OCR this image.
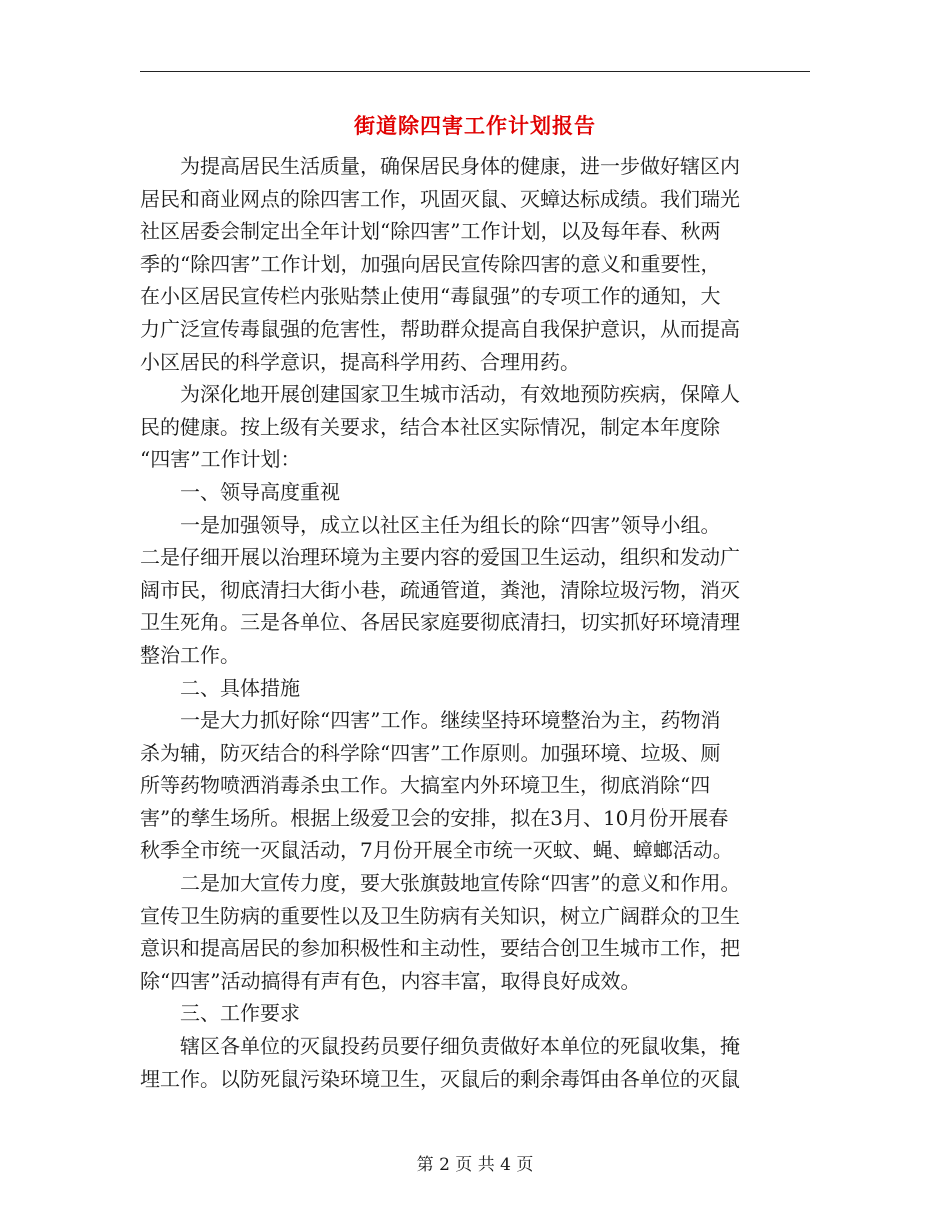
街道除四害工作计划报告
为提高居民生活质量，确保居民身体的健康，进一步做好辖区内
居民和商业网点的除四害工作，巩固灭鼠、灭蟑达标成绩。我们瑞光
社区居委会制定出全年计划“除四害”工作计划，以及每年春、秋两
季的“除四害”工作计划，加强向居民宣传除四害的意义和重要性，
在小区居民宣传栏内张贴禁止使用“毒鼠强”的专项工作的通知，大
力广泛宣传毒鼠强的危害性，帮助群众提高自我保护意识，从而提高
小区居民的科学意识，提高科学用药、合理用药。
为深化地开展创建国家卫生城市活动，有效地预防疾病，保障人
民的健康。按上级有关要求，结合本社区实际情况，制定本年度除
“四害”工作计划：
一、领导高度重视
一是加强领导，成立以社区主任为组长的除“四害”领导小组。
二是仔细开展以治理环境为主要内容的爱国卫生运动，组织和发动广
阔市民，彻底清扫大街小巷，疏通管道，粪池，清除垃圾污物，消灭
卫生死角。三是各单位、各居民家庭要彻底清扫，切实抓好环境清理
整治工作。
二、具体措施
一是大力抓好除“四害”工作。继续坚持环境整治为主，药物消
杀为辅，防灭结合的科学除“四害”工作原则。加强环境、垃圾、厕
所等药物喷洒消毒杀虫工作。大搞室内外环境卫生，彻底消除“四
害”的孳生场所。根据上级爱卫会的安排，拟在3月、10月份开展春
秋季全市统一灭鼠活动，7月份开展全市统一灭蚊、蝇、蟑螂活动。
二是加大宣传力度，要大张旗鼓地宣传除“四害”的意义和作用。
宣传卫生防病的重要性以及卫生防病有关知识，树立广阔群众的卫生
意识和提高居民的参加积极性和主动性，要结合创卫生城市工作，把
除“四害”活动搞得有声有色，内容丰富，取得良好成效。
三、工作要求
辖区各单位的灭鼠投药员要仔细负责做好本单位的死鼠收集，掩
埋工作。以防死鼠污染环境卫生，灭鼠后的剩余毒饵由各单位的灭鼠
第 2 页 共 4 页
